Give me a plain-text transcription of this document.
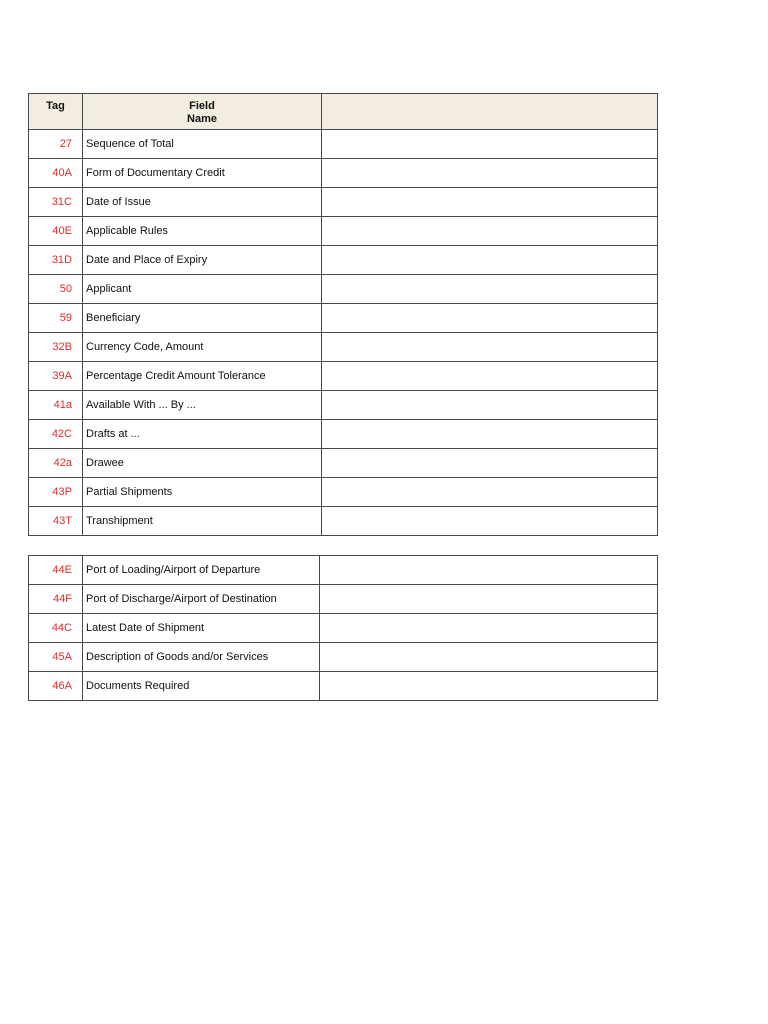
Tag	Field
Name	

27	Sequence of Total	
40A	Form of Documentary Credit	
31C	Date of Issue	
40E	Applicable Rules	
31D	Date and Place of Expiry	
50	Applicant	
59	Beneficiary	
32B	Currency Code, Amount	
39A	Percentage Credit Amount Tolerance	
41a	Available With ... By ...	
42C	Drafts at ...	
42a	Drawee	
43P	Partial Shipments	
43T	Transhipment	
44E	Port of Loading/Airport of Departure	
44F	Port of Discharge/Airport of Destination	
44C	Latest Date of Shipment	
45A	Description of Goods and/or Services	
46A	Documents Required	
